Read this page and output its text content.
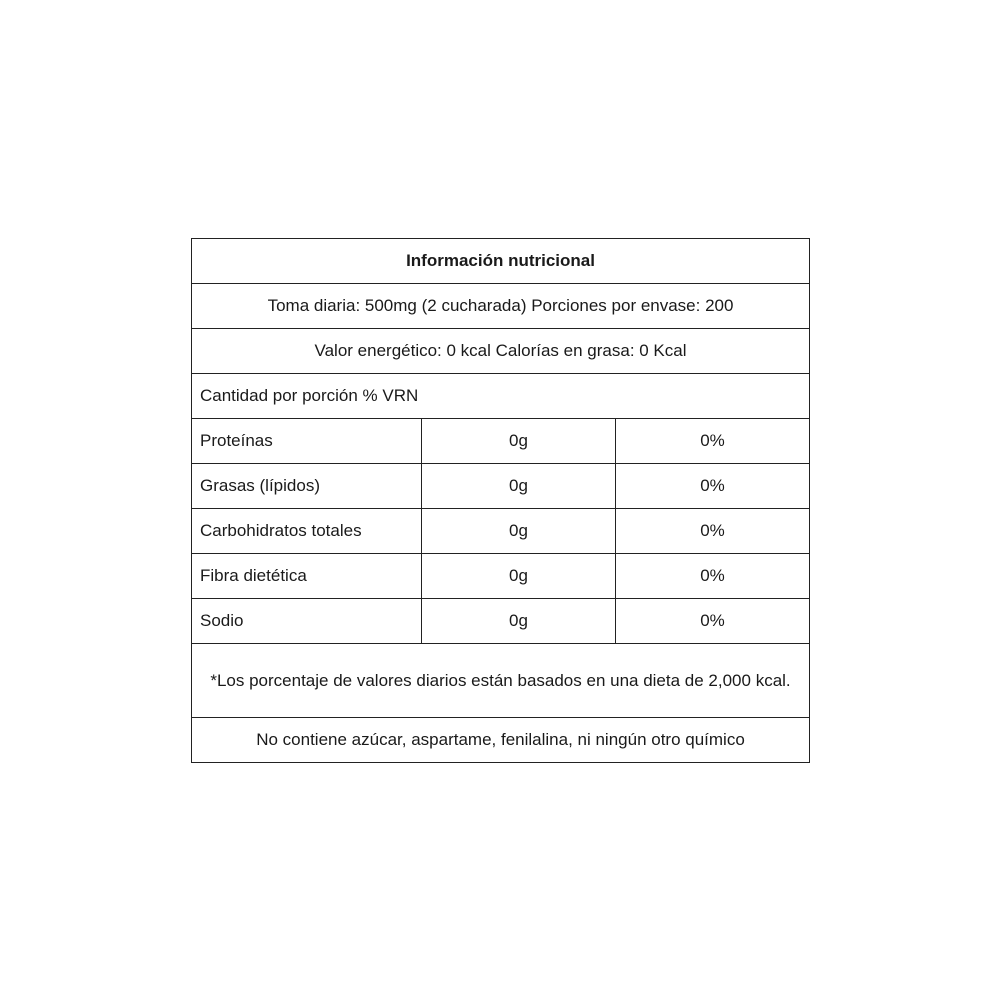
Información nutricional		
Toma diaria: 500mg (2 cucharada) Porciones por envase: 200		
Valor energético: 0 kcal Calorías en grasa: 0 Kcal		
Cantidad por porción % VRN		
Proteínas	0g	0%
Grasas (lípidos)	0g	0%
Carbohidratos totales	0g	0%
Fibra dietética	0g	0%
Sodio	0g	0%
*Los porcentaje de valores diarios están basados en una dieta de 2,000 kcal.		
No contiene azúcar, aspartame, fenilalina, ni ningún otro químico		
